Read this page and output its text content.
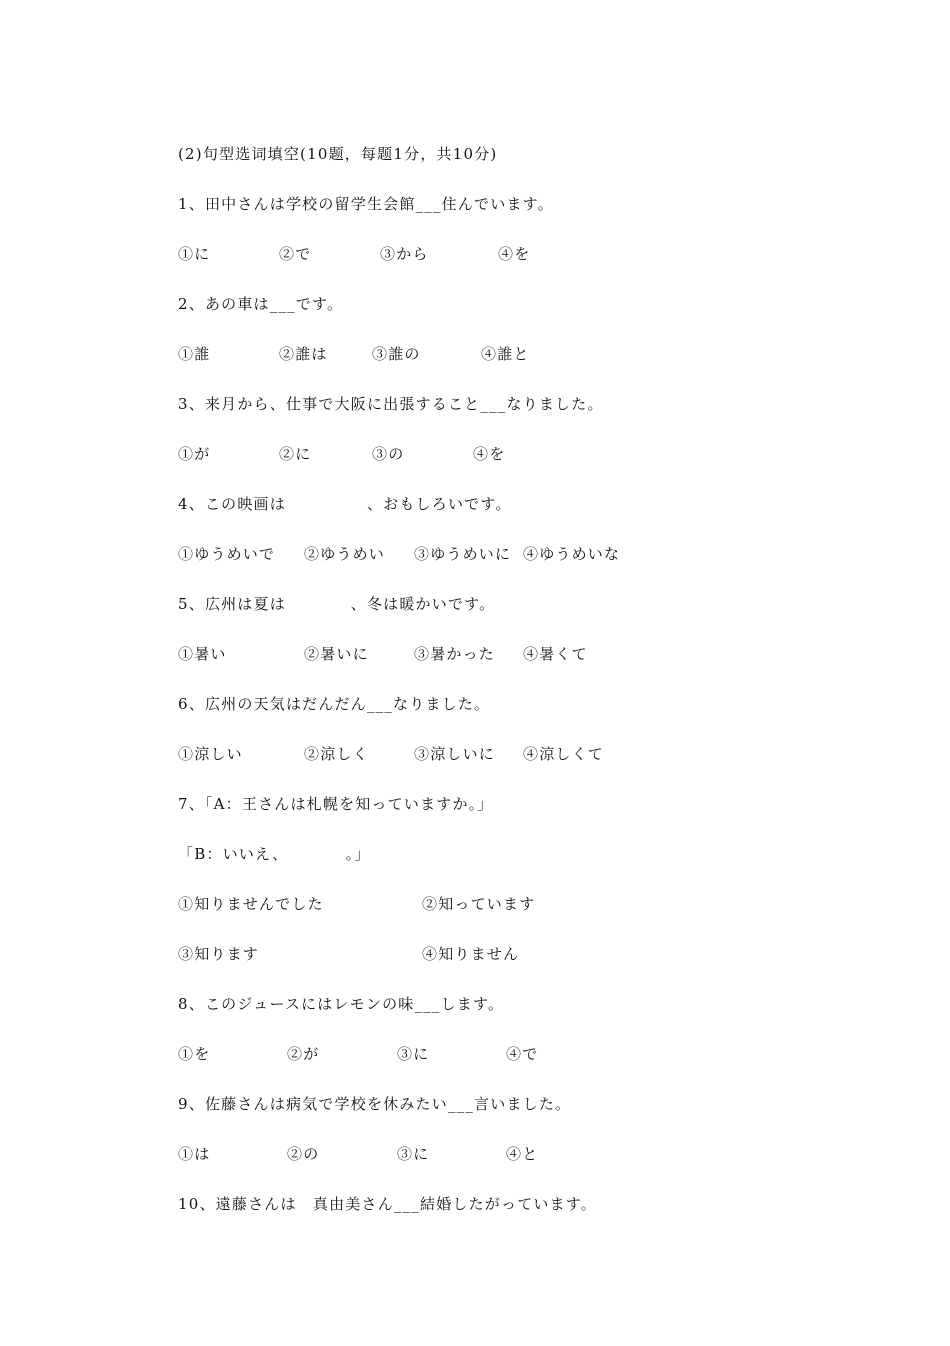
(2)句型选词填空(10题，每题1分，共10分)
1、田中さんは学校の留学生会館___住んでいます。
①に	②で	③から	④を
2、あの車は___です。
①誰	②誰は	③誰の	④誰と
3、来月から、仕事で大阪に出張すること___なりました。
①が	②に	③の	④を
4、この映画は　　　　　、おもしろいです。
①ゆうめいで ②ゆうめい ③ゆうめいに ④ゆうめいな
5、広州は夏は　　　　、冬は暖かいです。
①暑い	②暑いに	③暑かった ④暑くて
6、広州の天気はだんだん___なりました。
①涼しい	②涼しく	③涼しいに ④涼しくて
7、「A：王さんは札幌を知っていますか。」
「B：いいえ、　　　　。」
①知りませんでした	②知っています
③知ります	④知りません
8、このジュースにはレモンの味___します。
①を	②が	③に	④で
9、佐藤さんは病気で学校を休みたい___言いました。
①は	②の	③に	④と
10、遠藤さんは　真由美さん___結婚したがっています。
